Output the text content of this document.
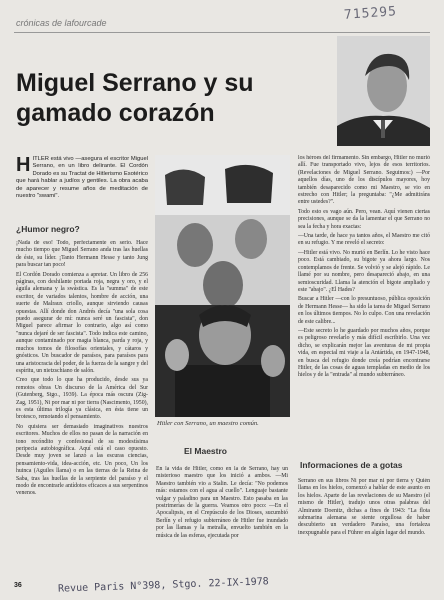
715295
crónicas de lafourcade
Miguel Serrano y su gamado corazón
H ITLER está vivo —asegura el escritor Miguel Serrano, en un libro delirante. El Cordón Dorado es su Tractat de Hitlerismo Esotérico que hará hablar a judíos y gentiles. La obra acaba de aparecer y resume años de meditación de nuestro "swami".
¿Humor negro?

¡Nada de eso! Todo, perfectamente en serio. Hace mucho tiempo que Miguel Serrano anda tras las huellas de éste, su líder. ¡Tanto Hermann Hesse y tanto Jung para buscar tan poco!

El Cordón Dorado comienza a apretar. Un libro de 256 páginas, con deshilante portada roja, negra y oro, y el águila alemana y la swástica. Es la "summa" de este escritor, de variados talentos, hombre de acción, una suerte de Malraux criollo, aunque sirviendo causas opuestas. Allí donde don Andrés decía "una sola cosa puedo asegurar de mí: nunca seré un fascista", don Miguel parece afirmar lo contrario, algo así como "nunca dejaré de ser fascista". Todo indica este camino, aunque contaminado por magia blanca, parda y roja, y muchos tomos de filosofías orientales, y cátaros y gnósticos. Un buscador de paraísos, para paraísos para una aristocracia del poder, de la fuerza de la sangre y del espíritu, un nietzschiano de salón.

Creo que todo lo que ha producido, desde sus ya remotos obras Un discurso de la América del Sur (Gutenberg, Stgo., 1939). La época más oscura (Zig-Zag, 1951), Ni por mar ni por tierra (Nascimento, 1950), es esta última trilogía ya clásica, en ésta tiene un brotesco, remotando el pensamiento.

No quisiera ser demasiado imaginativos nuestros escritores. Muchos de ellos no pasan de la narración en tono recóndito y confesional de su modestísima peripecia autobiográfica. Aquí está el caso opuesto. Desde muy joven se lanzó a las escuras ciencias, pensamiento-vida, idea-acción, etc. Un poco, Un los huinca (Aguiles llama) o en las tierras de la Reina de Saba, tras las huellas de la serpiente del paraíso y el modo de encontrarle antídotos eficaces a sus serpentinos venenos.

Hitler con Serrano, un maestro común.
El Maestro

En la vida de Hitler, como en la de Serrano, hay un misterioso maestro que los inició a ambos. —Mi Maestro también vio a Stalin. Le decía: "No podemos más: estamos con el agua al cuello". Lenguaje bastante vulgar y paladino para un Maestro. Esto pasaba en las postrimerías de la guerra. Veamos otro poco: —En el Apocalipsis, en el Crepúsculo de los Dioses, sucumbió Berlín y el refugio subterráneo de Hitler fue inundado por las llamas y la metralla, envuelto también en la música de las esferas, ejecutada por

los héroes del firmamento. Sin embargo, Hitler no murió allí. Fue transportado vivo, lejos de esos territorios. (Revelaciones de Miguel Serrano. Seguimos:) —Por aquellos días, uno de los discípulos mayores, hoy también desaparecido como mi Maestro, se vio en estrecho con Hitler; la preguntaba: "¿Me admitiráns entre ustedes?".

Todo esto es vago aún. Pero, vean. Aquí vienen ciertas precisiones, aunque se da la lamentar el que Serrano no sea la fecha y hora exactas:

—Una tarde, de hace ya tantos años, el Maestro me citó en su refugio. Y me reveló el secreto:

—Hitler está vivo. No murió en Berlín. Lo he visto hace poco. Está cambiado, su bigote ya ahora largo. Nos contemplamos de frente. Se volvió y se alejó rápido. Le llamé por su nombre, pero desapareció abajo, en una semioscuridad. Llama la atención el bigote ampliado y este "abajo". ¿El Hades?

Buscar a Hitler —con lo presuntuoso, pública oposición de Hermann Hesse— ha sido la tarea de Miguel Serrano en los últimos tiempos. No lo culpo. Con una revelación de este calibre...

—Este secreto lo he guardado por muchos años, porque es peligroso revelarlo y más difícil escribirlo. Una vez dicho, se explicarán mejor las aventuras de mi propia vida, en especial mi viaje a la Antártida, en 1947-1948, en busca del refugio donde creía podrían encontrarse Hitler, de las cosas de aguas templadas en medio de los hielos y de la "entrada" al mundo subterráneo.

Informaciones de a gotas

Serrano en sus libros Ni por mar ni por tierra y Quién llama en los hielos, comenzó a hablar de este asunto en los hielos. Aparte de las revelaciones de su Maestro (el mismo de Hitler), tradujo unos otras palabras del Almirante Doenitz, dichas a fines de 1943: "La flota submarina alemana se siente orgullosa de haber descubierto un verdadero Paraíso, una fortaleza inexpugnable para el Führer en algún lugar del mundo.

36	Revue Paris N°398, Stgo. 22-IX-1978
